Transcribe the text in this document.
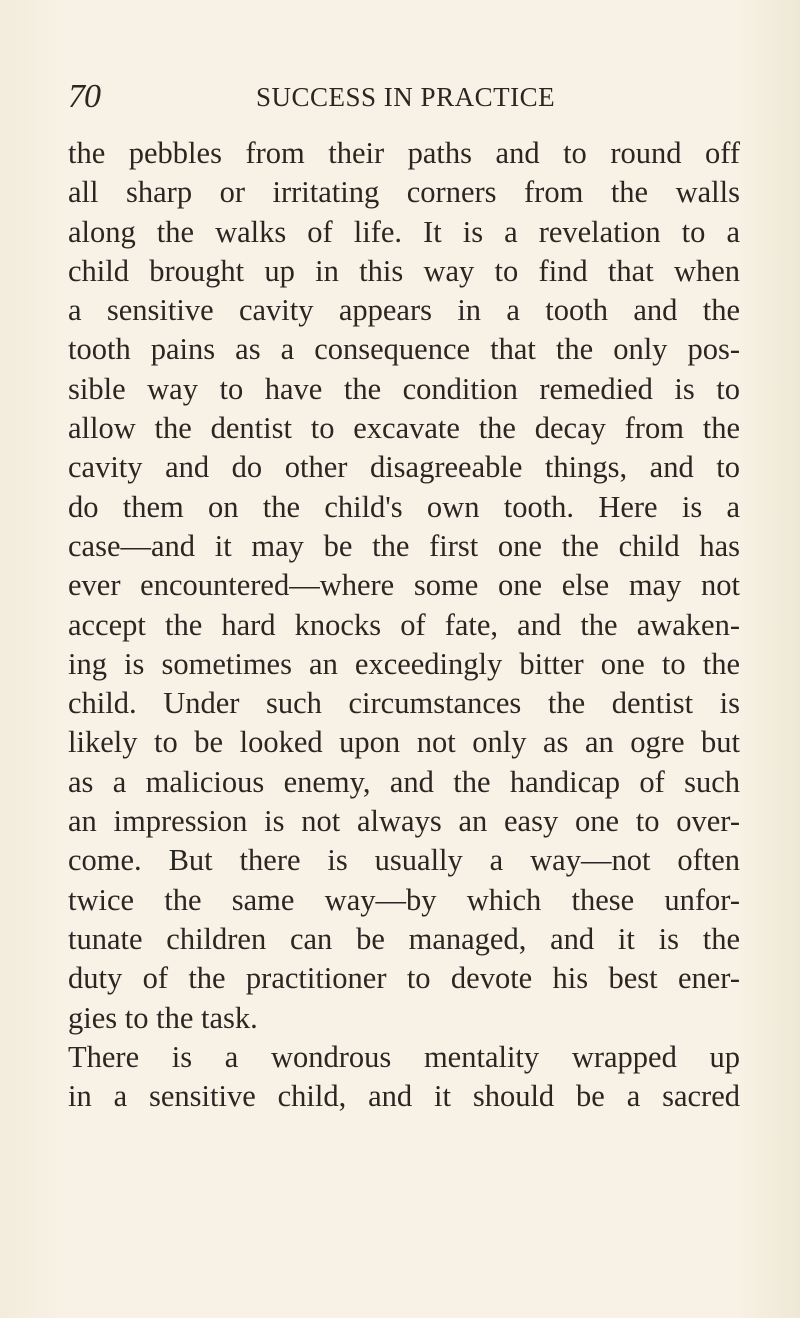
70	SUCCESS IN PRACTICE
the pebbles from their paths and to round off
all sharp or irritating corners from the walls
along the walks of life. It is a revelation to a
child brought up in this way to find that when
a sensitive cavity appears in a tooth and the
tooth pains as a consequence that the only pos-
sible way to have the condition remedied is to
allow the dentist to excavate the decay from the
cavity and do other disagreeable things, and to
do them on the child's own tooth. Here is a
case—and it may be the first one the child has
ever encountered—where some one else may not
accept the hard knocks of fate, and the awaken-
ing is sometimes an exceedingly bitter one to the
child. Under such circumstances the dentist is
likely to be looked upon not only as an ogre but
as a malicious enemy, and the handicap of such
an impression is not always an easy one to over-
come. But there is usually a way—not often
twice the same way—by which these unfor-
tunate children can be managed, and it is the
duty of the practitioner to devote his best ener-
gies to the task.
There is a wondrous mentality wrapped up
in a sensitive child, and it should be a sacred
